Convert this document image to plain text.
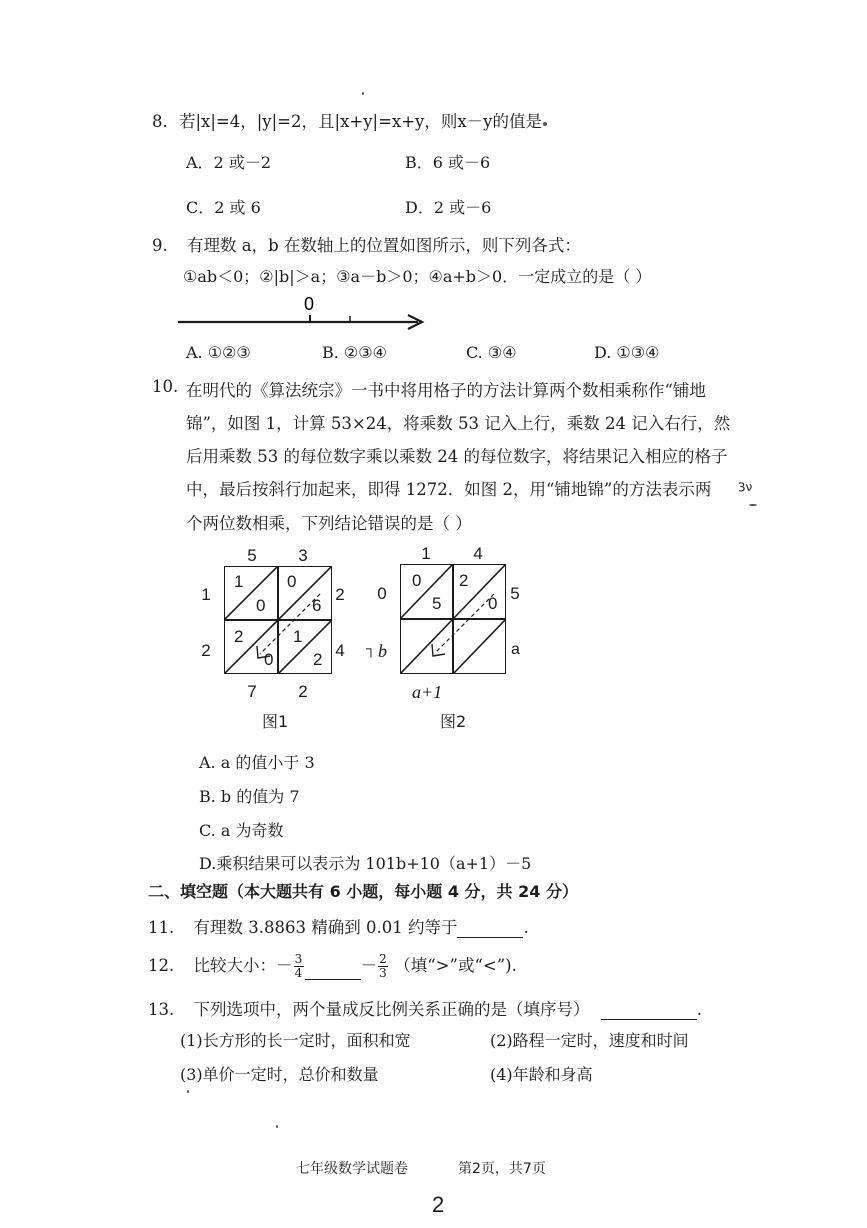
8. 若|x|=4，|y|=2，且|x+y|=x+y，则x－y的值是
A．2 或－2	B．6 或－6
C．2 或 6	D．2 或－6
9. 有理数 a，b 在数轴上的位置如图所示，则下列各式：
①ab＜0；②|b|＞a；③a－b＞0；④a+b＞0．一定成立的是（ ）
0
A. ①②③	B. ②③④	C. ③④	D. ①③④
10. 在明代的《算法统宗》一书中将用格子的方法计算两个数相乘称作“铺地
锦”，如图 1，计算 53×24，将乘数 53 记入上行，乘数 24 记入右行，然
后用乘数 53 的每位数字乘以乘数 24 的每位数字，将结果记入相应的格子
中，最后按斜行加起来，即得 1272．如图 2，用“铺地锦”的方法表示两
个两位数相乘，下列结论错误的是（ ）
3ν
5	3
1
2
2
4
1
0
0
6
2
0
1
2
7	2
图1
1	4
0
┐ b
5
a
0
5
2
0
a+1
图2
A. a 的值小于 3
B. b 的值为 7
C. a 为奇数
D.乘积结果可以表示为 101b+10（a+1）－5
二、填空题（本大题共有 6 小题，每小题 4 分，共 24 分）
11. 有理数 3.8863 精确到 0.01 约等于	.
12. 比较大小：－ $\frac{3}{4}$	－ $\frac{2}{3}$ （填“>”或“<”).
13. 下列选项中，两个量成反比例关系正确的是（填序号）	.
(1)长方形的长一定时，面积和宽	(2)路程一定时，速度和时间
(3)单价一定时，总价和数量	(4)年龄和身高
七年级数学试题卷	第2页，共7页
2
